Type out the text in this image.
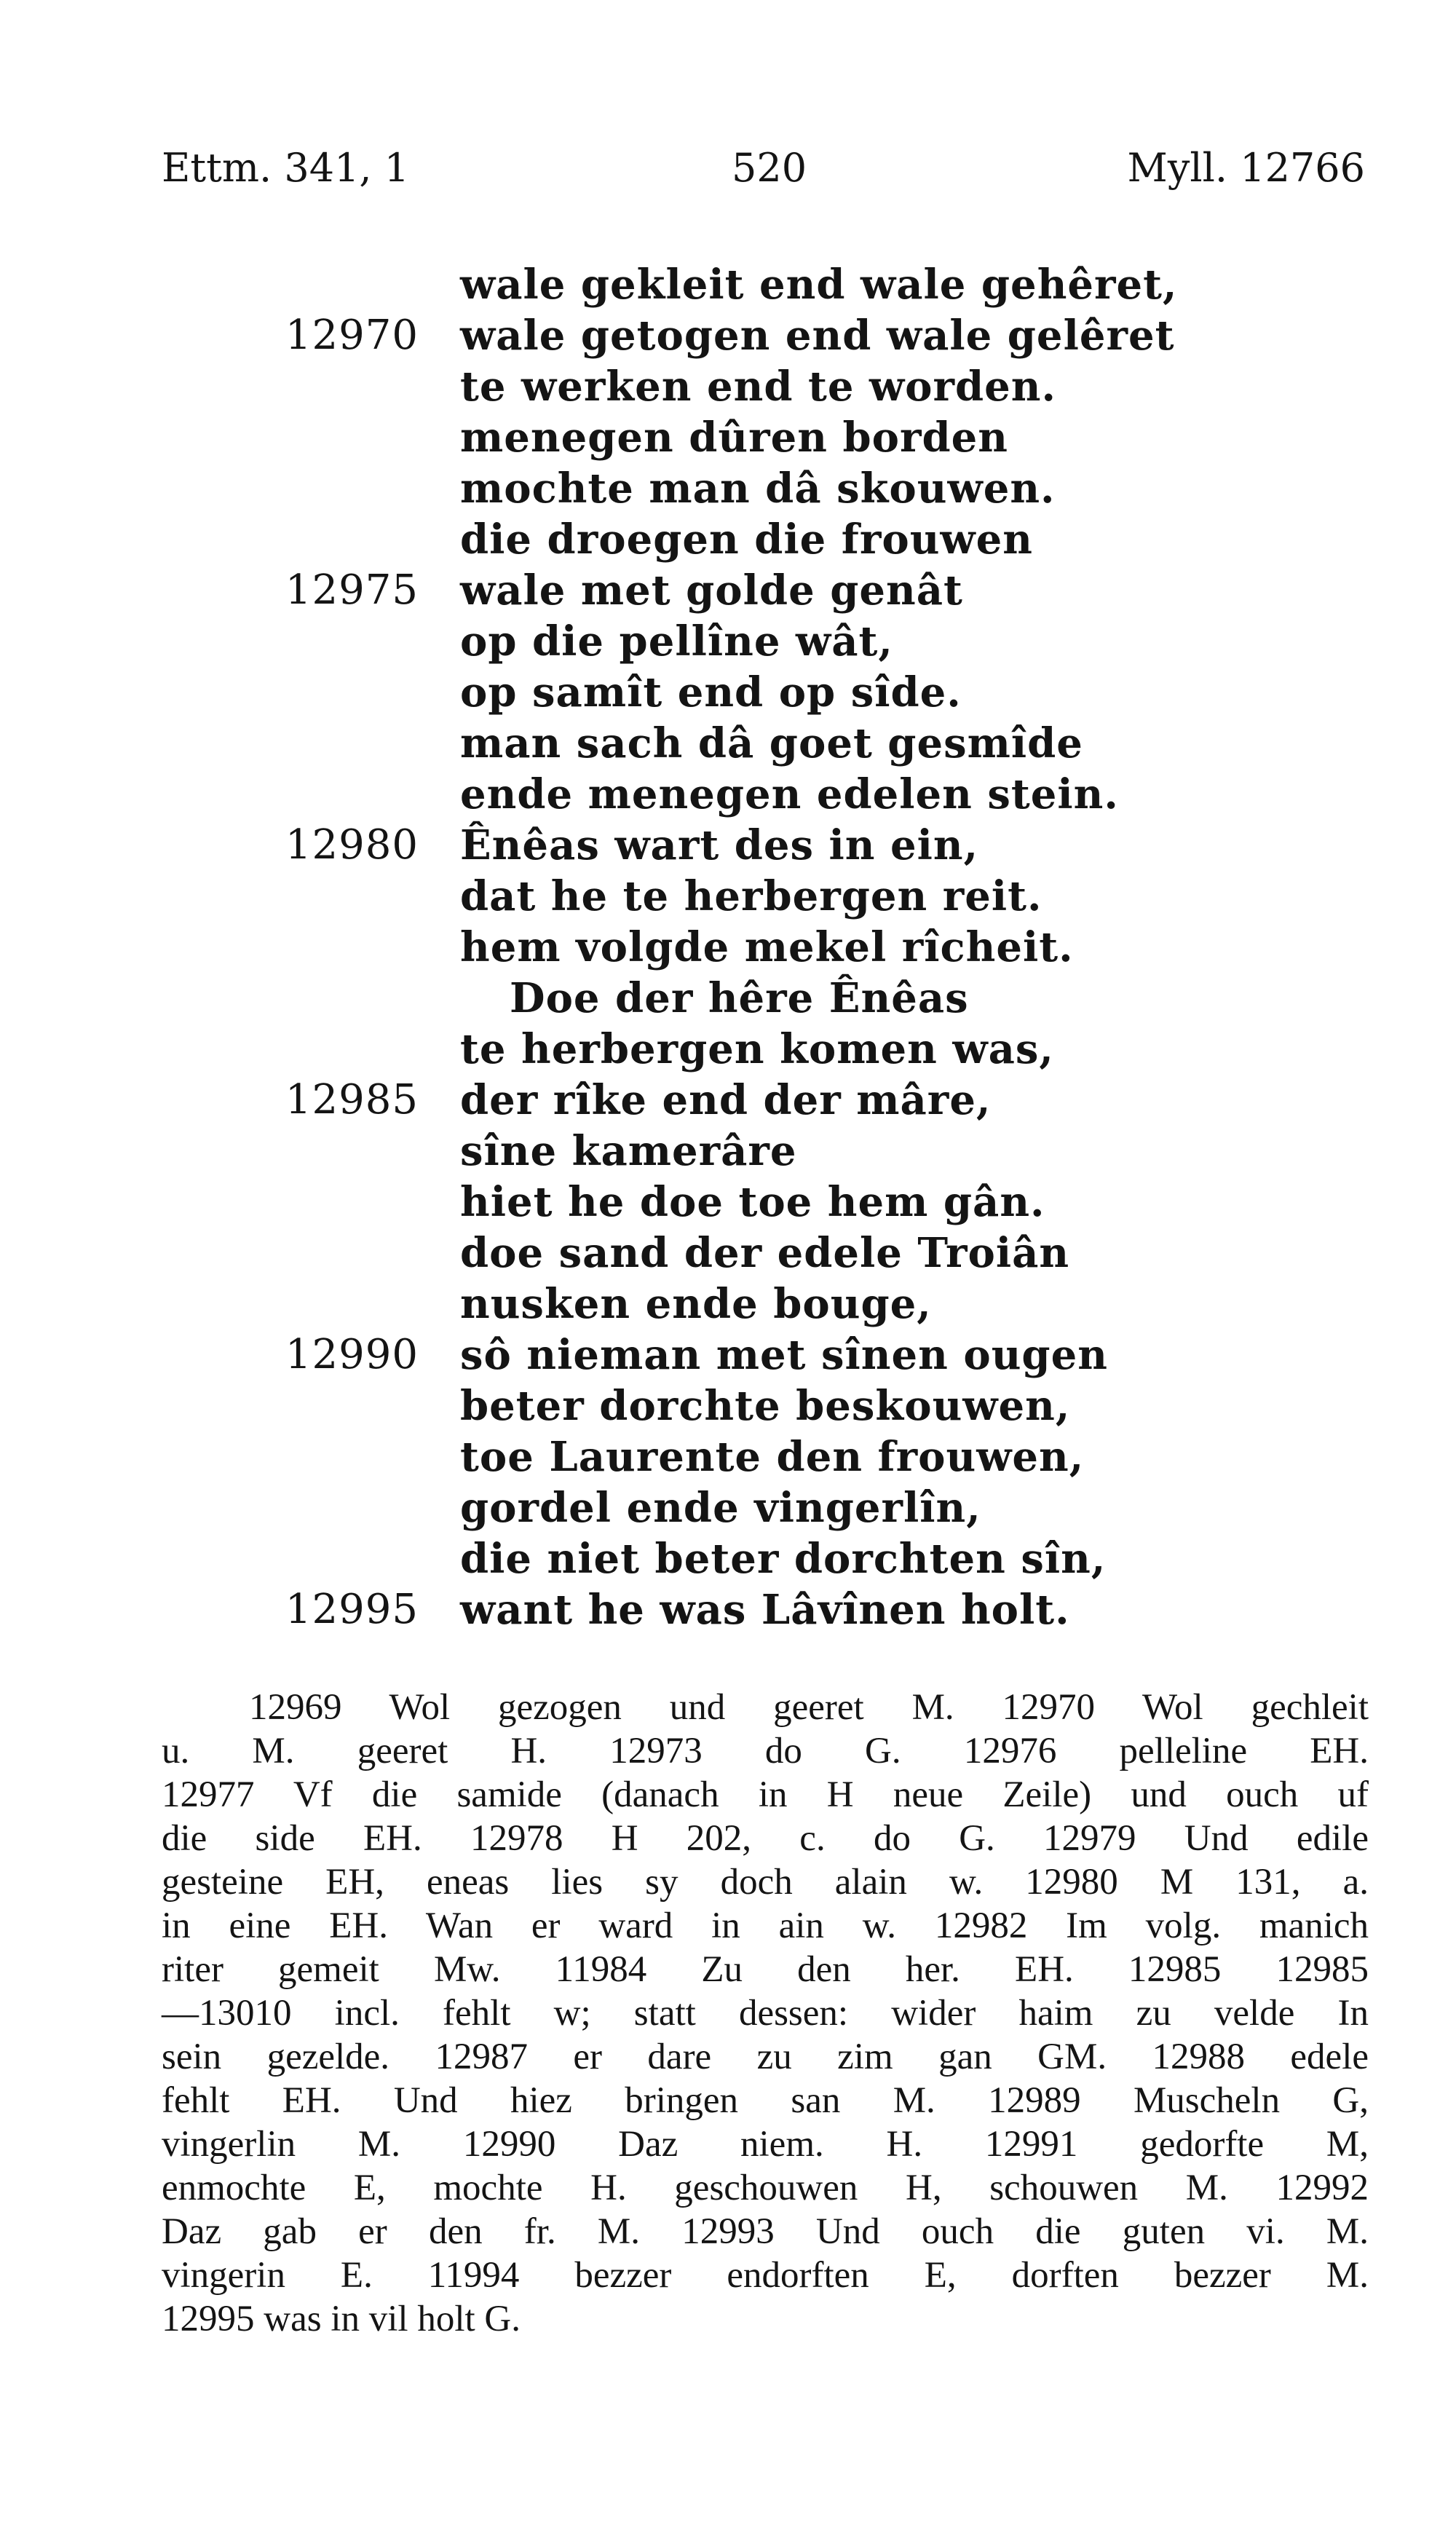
Ettm. 341, 1	520	Myll. 12766
wale gekleit end wale gehêret,
12970 wale getogen end wale gelêret
te werken end te worden.
menegen dûren borden
mochte man dâ skouwen.
die droegen die frouwen
12975 wale met golde genât
op die pellîne wât,
op samît end op sîde.
man sach dâ goet gesmîde
ende menegen edelen stein.
12980 Ênêas wart des in ein,
dat he te herbergen reit.
hem volgde mekel rîcheit.
Doe der hêre Ênêas
te herbergen komen was,
12985 der rîke end der mâre,
sîne kamerâre
hiet he doe toe hem gân.
doe sand der edele Troiân
nusken ende bouge,
12990 sô nieman met sînen ougen
beter dorchte beskouwen,
toe Laurente den frouwen,
gordel ende vingerlîn,
die niet beter dorchten sîn,
12995 want he was Lâvînen holt.
12969 Wol gezogen und geeret M. 12970 Wol gechleit
u. M. geeret H. 12973 do G. 12976 pelleline EH.
12977 Vf die samide (danach in H neue Zeile) und ouch uf
die side EH. 12978 H 202, c. do G. 12979 Und edile
gesteine EH, eneas lies sy doch alain w. 12980 M 131, a.
in eine EH. Wan er ward in ain w. 12982 Im volg. manich
riter gemeit Mw. 11984 Zu den her. EH. 12985 12985
—13010 incl. fehlt w; statt dessen: wider haim zu velde In
sein gezelde. 12987 er dare zu zim gan GM. 12988 edele
fehlt EH. Und hiez bringen san M. 12989 Muscheln G,
vingerlin M. 12990 Daz niem. H. 12991 gedorfte M,
enmochte E, mochte H. geschouwen H, schouwen M. 12992
Daz gab er den fr. M. 12993 Und ouch die guten vi. M.
vingerin E. 11994 bezzer endorften E, dorften bezzer M.
12995 was in vil holt G.
